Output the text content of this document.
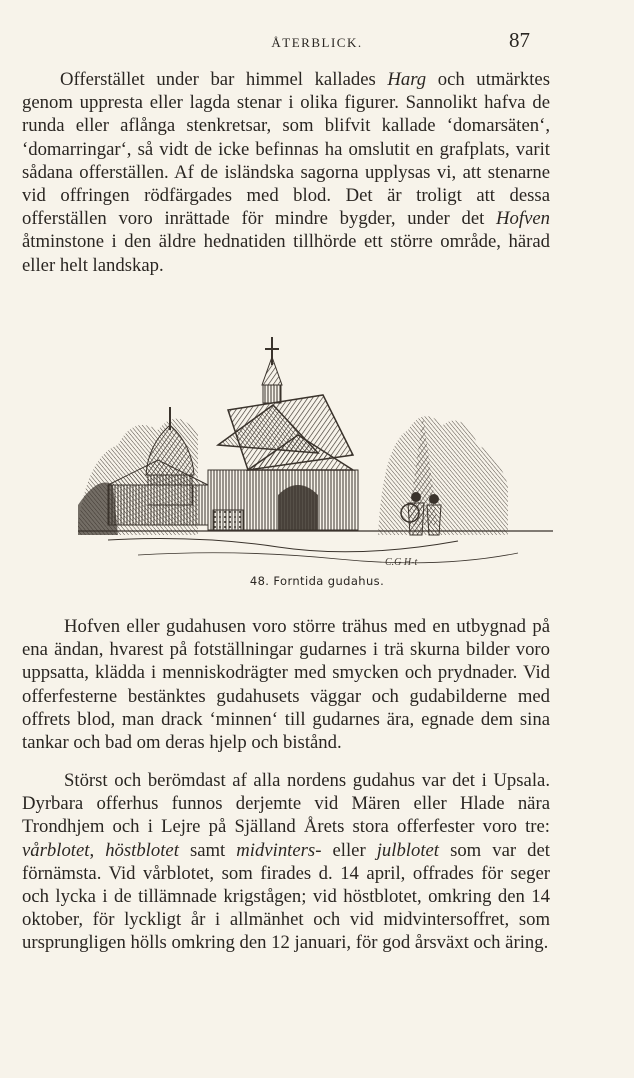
ÅTERBLICK.	87

Offerstället under bar himmel kallades Harg och utmärktes genom uppresta eller lagda stenar i olika figurer. Sannolikt hafva de runda eller aflånga stenkretsar, som blifvit kallade ‘domarsäten‘, ‘domarringar‘, så vidt de icke befinnas ha omslutit en grafplats, varit sådana offerställen. Af de isländska sagorna upplysas vi, att stenarne vid offringen rödfärgades med blod. Det är troligt att dessa offerställen voro inrättade för mindre bygder, under det Hofven åtminstone i den äldre hednatiden tillhörde ett större område, härad eller helt landskap.

C.G H-t
48. Forntida gudahus.

Hofven eller gudahusen voro större trähus med en utbygnad på ena ändan, hvarest på fotställningar gudarnes i trä skurna bilder voro uppsatta, klädda i menniskodrägter med smycken och prydnader. Vid offerfesterne bestänktes gudahusets väggar och gudabilderne med offrets blod, man drack ‘minnen‘ till gudarnes ära, egnade dem sina tankar och bad om deras hjelp och bistånd.

Störst och berömdast af alla nordens gudahus var det i Upsala. Dyrbara offerhus funnos derjemte vid Mären eller Hlade nära Trondhjem och i Lejre på Själland Årets stora offerfester voro tre: vårblotet, höstblotet samt midvinters- eller julblotet som var det förnämsta. Vid vårblotet, som firades d. 14 april, offrades för seger och lycka i de tillämnade krigstågen; vid höstblotet, omkring den 14 oktober, för lyckligt år i allmänhet och vid midvintersoffret, som ursprungligen hölls omkring den 12 januari, för god årsväxt och äring.
